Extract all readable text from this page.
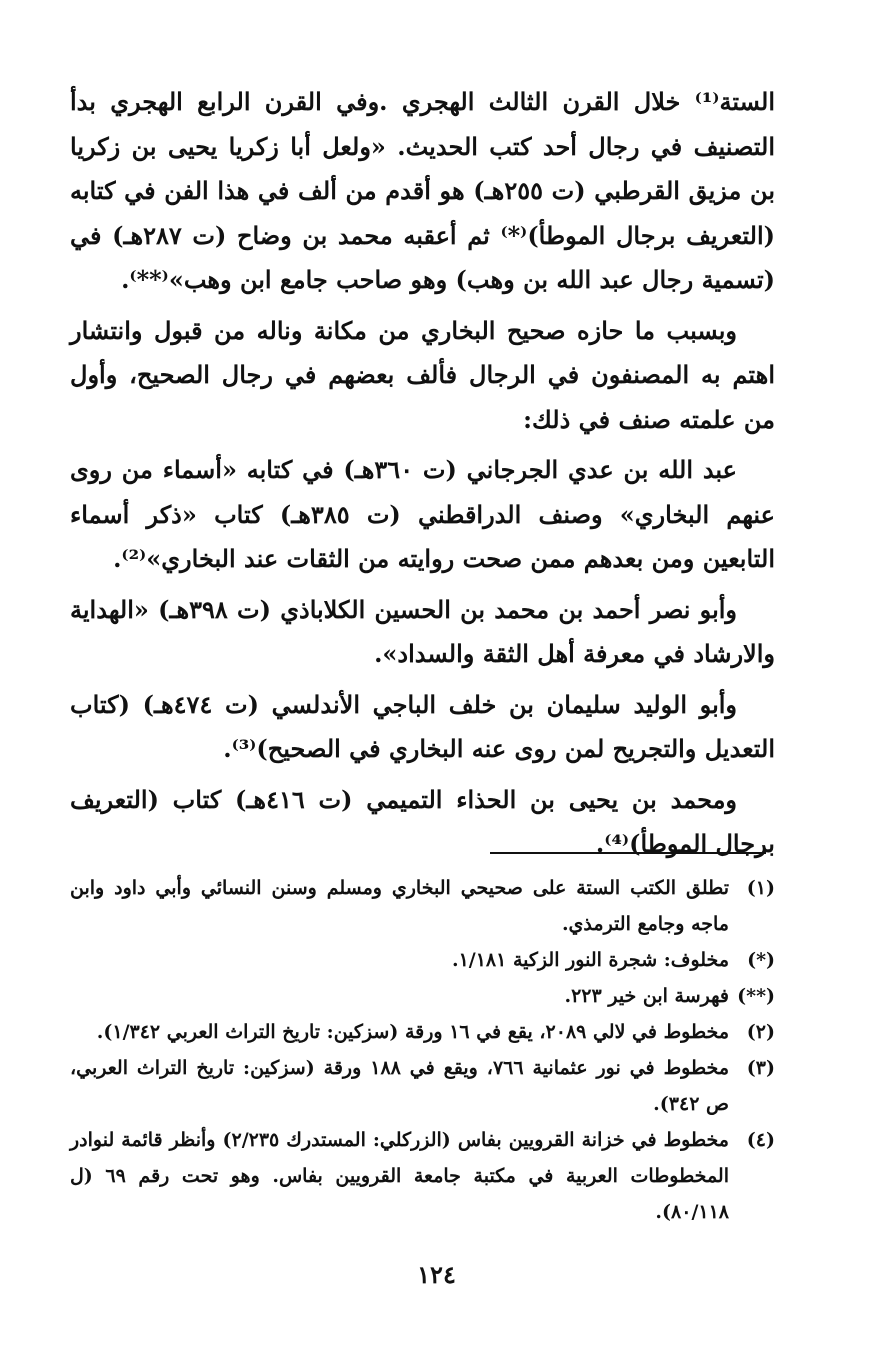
الستة⁽¹⁾ خلال القرن الثالث الهجري .وفي القرن الرابع الهجري بدأ التصنيف في رجال أحد كتب الحديث. «ولعل أبا زكريا يحيى بن زكريا بن مزيق القرطبي (ت ٢٥٥هـ) هو أقدم من ألف في هذا الفن في كتابه (التعريف برجال الموطأ)⁽*⁾ ثم أعقبه محمد بن وضاح (ت ٢٨٧هـ) في (تسمية رجال عبد الله بن وهب) وهو صاحب جامع ابن وهب»⁽**⁾.

وبسبب ما حازه صحيح البخاري من مكانة وناله من قبول وانتشار اهتم به المصنفون في الرجال فألف بعضهم في رجال الصحيح، وأول من علمته صنف في ذلك:

عبد الله بن عدي الجرجاني (ت ٣٦٠هـ) في كتابه «أسماء من روى عنهم البخاري» وصنف الدراقطني (ت ٣٨٥هـ) كتاب «ذكر أسماء التابعين ومن بعدهم ممن صحت روايته من الثقات عند البخاري»⁽²⁾.

وأبو نصر أحمد بن محمد بن الحسين الكلاباذي (ت ٣٩٨هـ) «الهداية والارشاد في معرفة أهل الثقة والسداد».

وأبو الوليد سليمان بن خلف الباجي الأندلسي (ت ٤٧٤هـ) (كتاب التعديل والتجريح لمن روى عنه البخاري في الصحيح)⁽³⁾.

ومحمد بن يحيى بن الحذاء التميمي (ت ٤١٦هـ) كتاب (التعريف برجال الموطأ)⁽⁴⁾.

(١)
تطلق الكتب الستة على صحيحي البخاري ومسلم وسنن النسائي وأبي داود وابن ماجه وجامع الترمذي.
(*)
مخلوف: شجرة النور الزكية ١/١٨١.
(**)
فهرسة ابن خير ٢٢٣.
(٢)
مخطوط في لالي ٢٠٨٩، يقع في ١٦ ورقة (سزكين: تاريخ التراث العربي ١/٣٤٢).
(٣)
مخطوط في نور عثمانية ٧٦٦، ويقع في ١٨٨ ورقة (سزكين: تاريخ التراث العربي، ص ٣٤٢).
(٤)
مخطوط في خزانة القرويين بفاس (الزركلي: المستدرك ٢/٢٣٥) وأنظر قائمة لنوادر المخطوطات العربية في مكتبة جامعة القرويين بفاس. وهو تحت رقم ٦٩ (ل ٨٠/١١٨).
١٢٤
